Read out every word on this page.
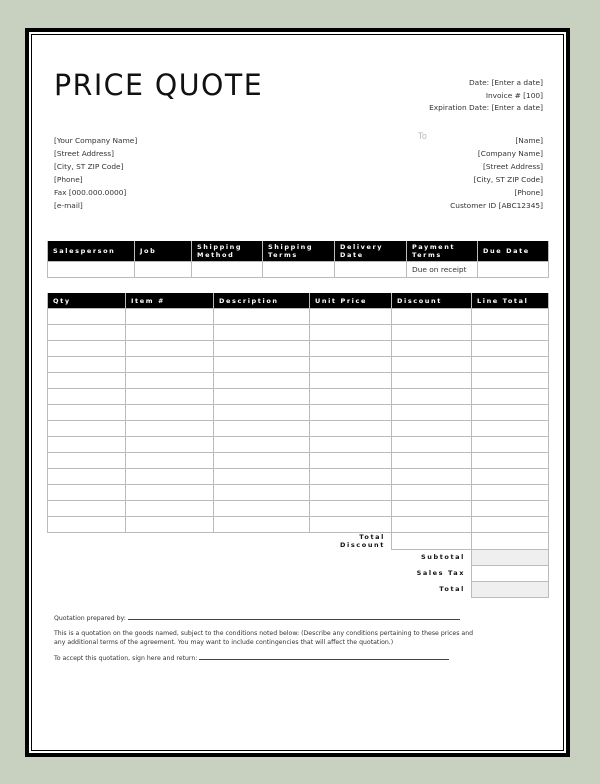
PRICE QUOTE	Date: [Enter a date]
Invoice # [100]
Expiration Date: [Enter a date]
[Your Company Name]
[Street Address]
[City, ST ZIP Code]
[Phone]
Fax [000.000.0000]
[e-mail]
To	[Name]
[Company Name]
[Street Address]
[City, ST ZIP Code]
[Phone]
Customer ID [ABC12345]
Salesperson	Job	Shipping Method	Shipping Terms	Delivery Date	Payment Terms	Due Date
					Due on receipt	
Qty	Item #	Description	Unit Price	Discount	Line Total

			Total Discount		
				Subtotal	
				Sales Tax	
				Total	

Quotation prepared by:

This is a quotation on the goods named, subject to the conditions noted below: (Describe any conditions pertaining to these prices and any additional terms of the agreement. You may want to include contingencies that will affect the quotation.)

To accept this quotation, sign here and return:
